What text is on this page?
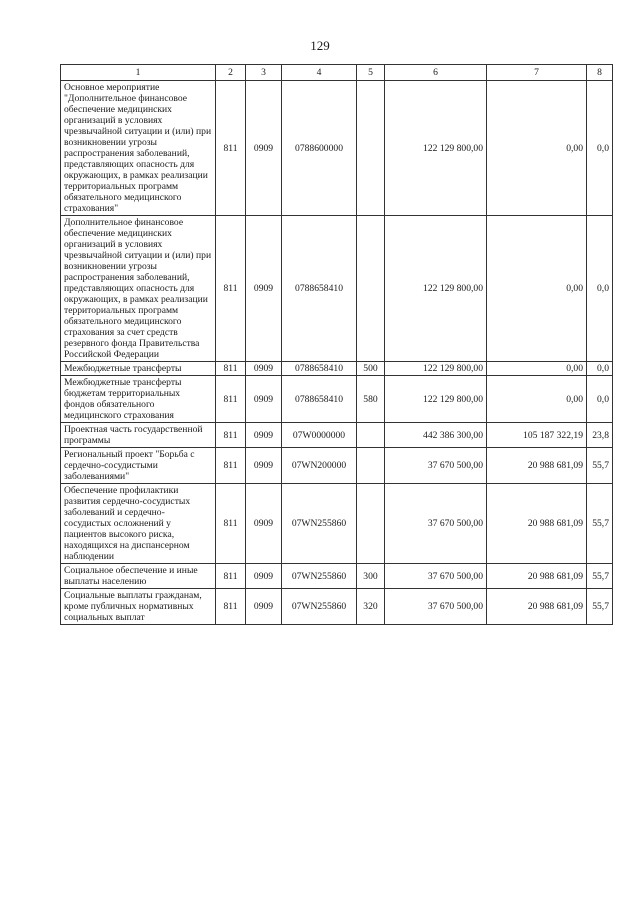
129
1	2	3	4	5	6	7	8
Основное мероприятие "Дополнительное финансовое обеспечение медицинских организаций в условиях чрезвычайной ситуации и (или) при возникновении угрозы распространения заболеваний, представляющих опасность для окружающих, в рамках реализации территориальных программ обязательного медицинского страхования"	811	0909	0788600000		122 129 800,00	0,00	0,0
Дополнительное финансовое обеспечение медицинских организаций в условиях чрезвычайной ситуации и (или) при возникновении угрозы распространения заболеваний, представляющих опасность для окружающих, в рамках реализации территориальных программ обязательного медицинского страхования за счет средств резервного фонда Правительства Российской Федерации	811	0909	0788658410		122 129 800,00	0,00	0,0
Межбюджетные трансферты	811	0909	0788658410	500	122 129 800,00	0,00	0,0
Межбюджетные трансферты бюджетам территориальных фондов обязательного медицинского страхования	811	0909	0788658410	580	122 129 800,00	0,00	0,0
Проектная часть государственной программы	811	0909	07W0000000		442 386 300,00	105 187 322,19	23,8
Региональный проект "Борьба с сердечно-сосудистыми заболеваниями"	811	0909	07WN200000		37 670 500,00	20 988 681,09	55,7
Обеспечение профилактики развития сердечно-сосудистых заболеваний и сердечно-сосудистых осложнений у пациентов высокого риска, находящихся на диспансерном наблюдении	811	0909	07WN255860		37 670 500,00	20 988 681,09	55,7
Социальное обеспечение и иные выплаты населению	811	0909	07WN255860	300	37 670 500,00	20 988 681,09	55,7
Социальные выплаты гражданам, кроме публичных нормативных социальных выплат	811	0909	07WN255860	320	37 670 500,00	20 988 681,09	55,7
